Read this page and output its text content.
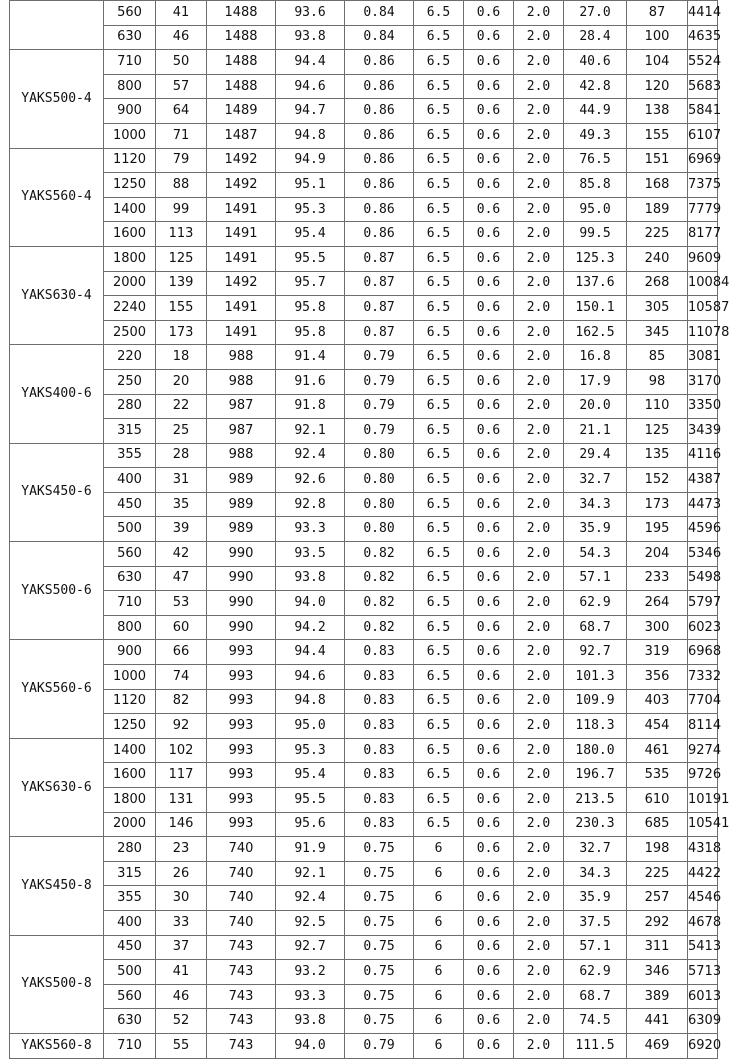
	560	41	1488	93.6	0.84	6.5	0.6	2.0	27.0	87	4414
	630	46	1488	93.8	0.84	6.5	0.6	2.0	28.4	100	4635
YAKS500-4	710	50	1488	94.4	0.86	6.5	0.6	2.0	40.6	104	5524
	800	57	1488	94.6	0.86	6.5	0.6	2.0	42.8	120	5683
	900	64	1489	94.7	0.86	6.5	0.6	2.0	44.9	138	5841
	1000	71	1487	94.8	0.86	6.5	0.6	2.0	49.3	155	6107
YAKS560-4	1120	79	1492	94.9	0.86	6.5	0.6	2.0	76.5	151	6969
	1250	88	1492	95.1	0.86	6.5	0.6	2.0	85.8	168	7375
	1400	99	1491	95.3	0.86	6.5	0.6	2.0	95.0	189	7779
	1600	113	1491	95.4	0.86	6.5	0.6	2.0	99.5	225	8177
YAKS630-4	1800	125	1491	95.5	0.87	6.5	0.6	2.0	125.3	240	9609
	2000	139	1492	95.7	0.87	6.5	0.6	2.0	137.6	268	10084
	2240	155	1491	95.8	0.87	6.5	0.6	2.0	150.1	305	10587
	2500	173	1491	95.8	0.87	6.5	0.6	2.0	162.5	345	11078
YAKS400-6	220	18	988	91.4	0.79	6.5	0.6	2.0	16.8	85	3081
	250	20	988	91.6	0.79	6.5	0.6	2.0	17.9	98	3170
	280	22	987	91.8	0.79	6.5	0.6	2.0	20.0	110	3350
	315	25	987	92.1	0.79	6.5	0.6	2.0	21.1	125	3439
YAKS450-6	355	28	988	92.4	0.80	6.5	0.6	2.0	29.4	135	4116
	400	31	989	92.6	0.80	6.5	0.6	2.0	32.7	152	4387
	450	35	989	92.8	0.80	6.5	0.6	2.0	34.3	173	4473
	500	39	989	93.3	0.80	6.5	0.6	2.0	35.9	195	4596
YAKS500-6	560	42	990	93.5	0.82	6.5	0.6	2.0	54.3	204	5346
	630	47	990	93.8	0.82	6.5	0.6	2.0	57.1	233	5498
	710	53	990	94.0	0.82	6.5	0.6	2.0	62.9	264	5797
	800	60	990	94.2	0.82	6.5	0.6	2.0	68.7	300	6023
YAKS560-6	900	66	993	94.4	0.83	6.5	0.6	2.0	92.7	319	6968
	1000	74	993	94.6	0.83	6.5	0.6	2.0	101.3	356	7332
	1120	82	993	94.8	0.83	6.5	0.6	2.0	109.9	403	7704
	1250	92	993	95.0	0.83	6.5	0.6	2.0	118.3	454	8114
YAKS630-6	1400	102	993	95.3	0.83	6.5	0.6	2.0	180.0	461	9274
	1600	117	993	95.4	0.83	6.5	0.6	2.0	196.7	535	9726
	1800	131	993	95.5	0.83	6.5	0.6	2.0	213.5	610	10191
	2000	146	993	95.6	0.83	6.5	0.6	2.0	230.3	685	10541
YAKS450-8	280	23	740	91.9	0.75	6	0.6	2.0	32.7	198	4318
	315	26	740	92.1	0.75	6	0.6	2.0	34.3	225	4422
	355	30	740	92.4	0.75	6	0.6	2.0	35.9	257	4546
	400	33	740	92.5	0.75	6	0.6	2.0	37.5	292	4678
YAKS500-8	450	37	743	92.7	0.75	6	0.6	2.0	57.1	311	5413
	500	41	743	93.2	0.75	6	0.6	2.0	62.9	346	5713
	560	46	743	93.3	0.75	6	0.6	2.0	68.7	389	6013
	630	52	743	93.8	0.75	6	0.6	2.0	74.5	441	6309
YAKS560-8	710	55	743	94.0	0.79	6	0.6	2.0	111.5	469	6920
